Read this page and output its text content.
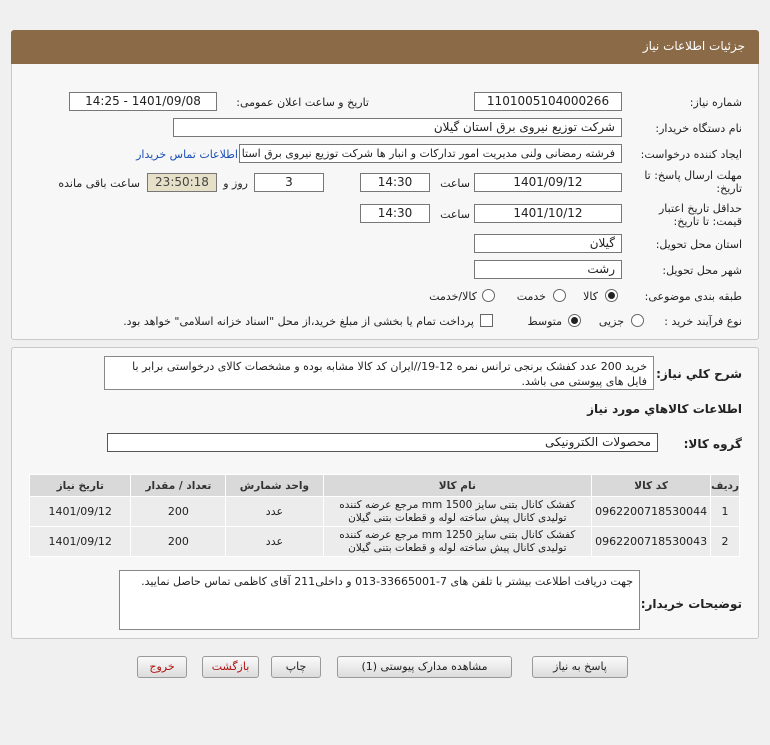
جزئیات اطلاعات نیاز
شماره نیاز:
1101005104000266
تاریخ و ساعت اعلان عمومی:
1401/09/08 - 14:25
نام دستگاه خریدار:
شرکت توزیع نیروی برق استان گیلان
ایجاد کننده درخواست:
فرشته رمضانی ولنی مدیریت امور تدارکات و انبار ها شرکت توزیع نیروی برق استا
اطلاعات تماس خریدار
مهلت ارسال پاسخ: تا
تاریخ:
1401/09/12
ساعت
14:30
3
روز و
23:50:18
ساعت باقی مانده
حداقل تاریخ اعتبار
قیمت: تا تاریخ:
1401/10/12
ساعت
14:30
استان محل تحویل:
گیلان
شهر محل تحویل:
رشت
طبقه بندی موضوعی:
کالا
خدمت
کالا/خدمت
نوع فرآیند خرید :
جزیی
متوسط
پرداخت تمام یا بخشی از مبلغ خرید،از محل "اسناد خزانه اسلامی" خواهد بود.
شرح کلي نياز:
خرید 200 عدد کفشک برنجی ترانس نمره 12-19//ایران کد کالا مشابه بوده و مشخصات کالای درخواستی برابر با فایل های پیوستی می باشد.
اطلاعات کالاهاي مورد نياز
گروه کالا:
محصولات الکترونیکی
ردیف	کد کالا	نام کالا	واحد شمارش	تعداد / مقدار	تاریخ نیاز
1	0962200718530044	کفشک کانال بتنی سایز 1500 mm مرجع عرضه کننده تولیدی کانال پیش ساخته لوله و قطعات بتنی گیلان	عدد	200	1401/09/12
2	0962200718530043	کفشک کانال بتنی سایز 1250 mm مرجع عرضه کننده تولیدی کانال پیش ساخته لوله و قطعات بتنی گیلان	عدد	200	1401/09/12
توضیحات خریدار:
جهت دریافت اطلاعت بیشتر با تلفن های 7-33665001-013 و داخلی211 آقای کاظمی تماس حاصل نمایید.
پاسخ به نیاز
مشاهده مدارک پیوستی (1)
چاپ
بازگشت
خروج
